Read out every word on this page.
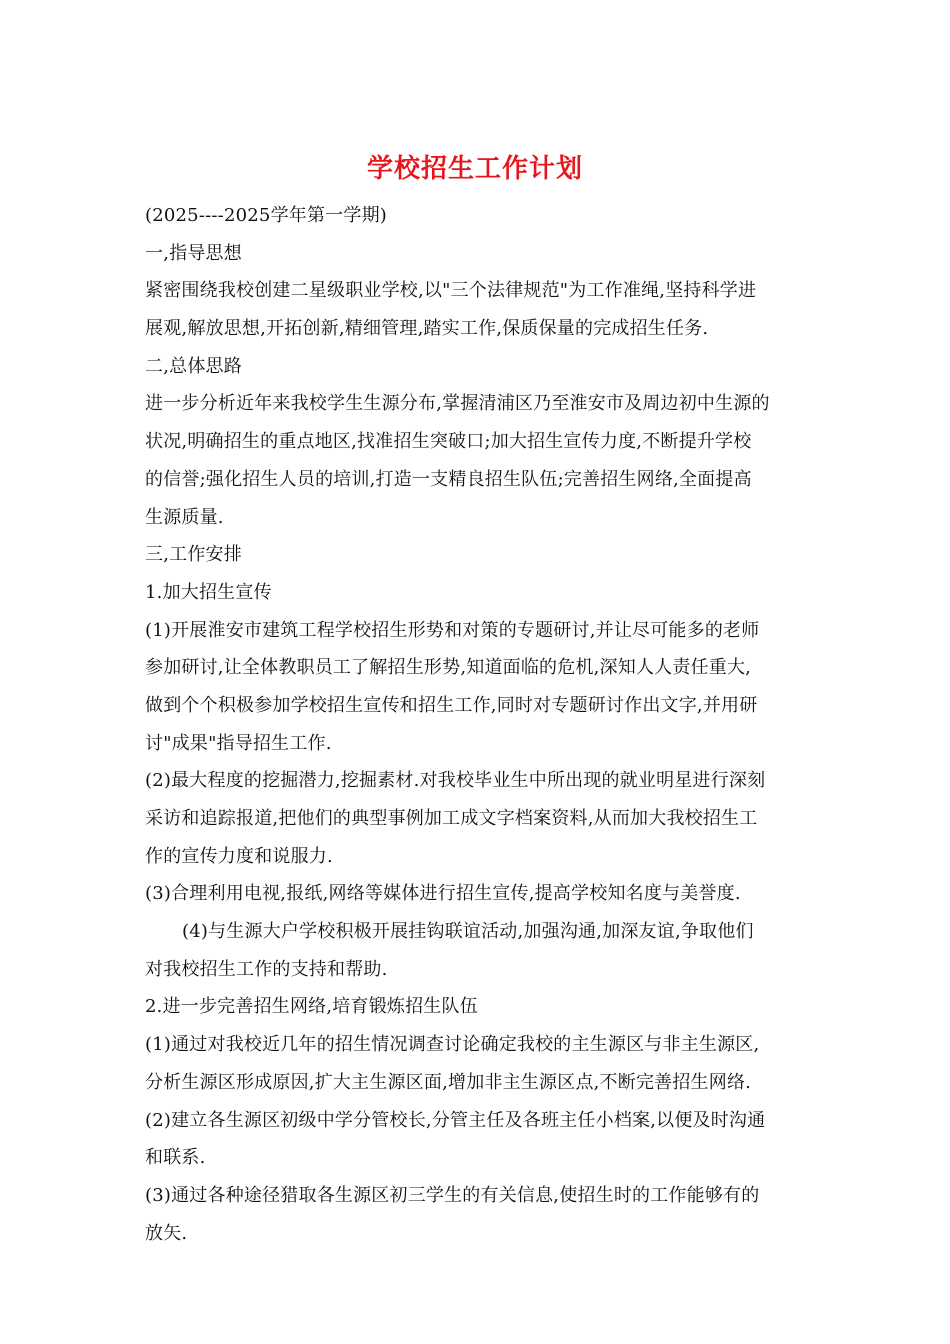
学校招生工作计划
(2025----2025学年第一学期)
一,指导思想
紧密围绕我校创建二星级职业学校,以"三个法律规范"为工作准绳,坚持科学进
展观,解放思想,开拓创新,精细管理,踏实工作,保质保量的完成招生任务.
二,总体思路
进一步分析近年来我校学生生源分布,掌握清浦区乃至淮安市及周边初中生源的
状况,明确招生的重点地区,找准招生突破口;加大招生宣传力度,不断提升学校
的信誉;强化招生人员的培训,打造一支精良招生队伍;完善招生网络,全面提高
生源质量.
三,工作安排
1.加大招生宣传
(1)开展淮安市建筑工程学校招生形势和对策的专题研讨,并让尽可能多的老师
参加研讨,让全体教职员工了解招生形势,知道面临的危机,深知人人责任重大,
做到个个积极参加学校招生宣传和招生工作,同时对专题研讨作出文字,并用研
讨"成果"指导招生工作.
(2)最大程度的挖掘潜力,挖掘素材.对我校毕业生中所出现的就业明星进行深刻
采访和追踪报道,把他们的典型事例加工成文字档案资料,从而加大我校招生工
作的宣传力度和说服力.
(3)合理利用电视,报纸,网络等媒体进行招生宣传,提高学校知名度与美誉度.
(4)与生源大户学校积极开展挂钩联谊活动,加强沟通,加深友谊,争取他们
对我校招生工作的支持和帮助.
2.进一步完善招生网络,培育锻炼招生队伍
(1)通过对我校近几年的招生情况调查讨论确定我校的主生源区与非主生源区,
分析生源区形成原因,扩大主生源区面,增加非主生源区点,不断完善招生网络.
(2)建立各生源区初级中学分管校长,分管主任及各班主任小档案,以便及时沟通
和联系.
(3)通过各种途径猎取各生源区初三学生的有关信息,使招生时的工作能够有的
放矢.
